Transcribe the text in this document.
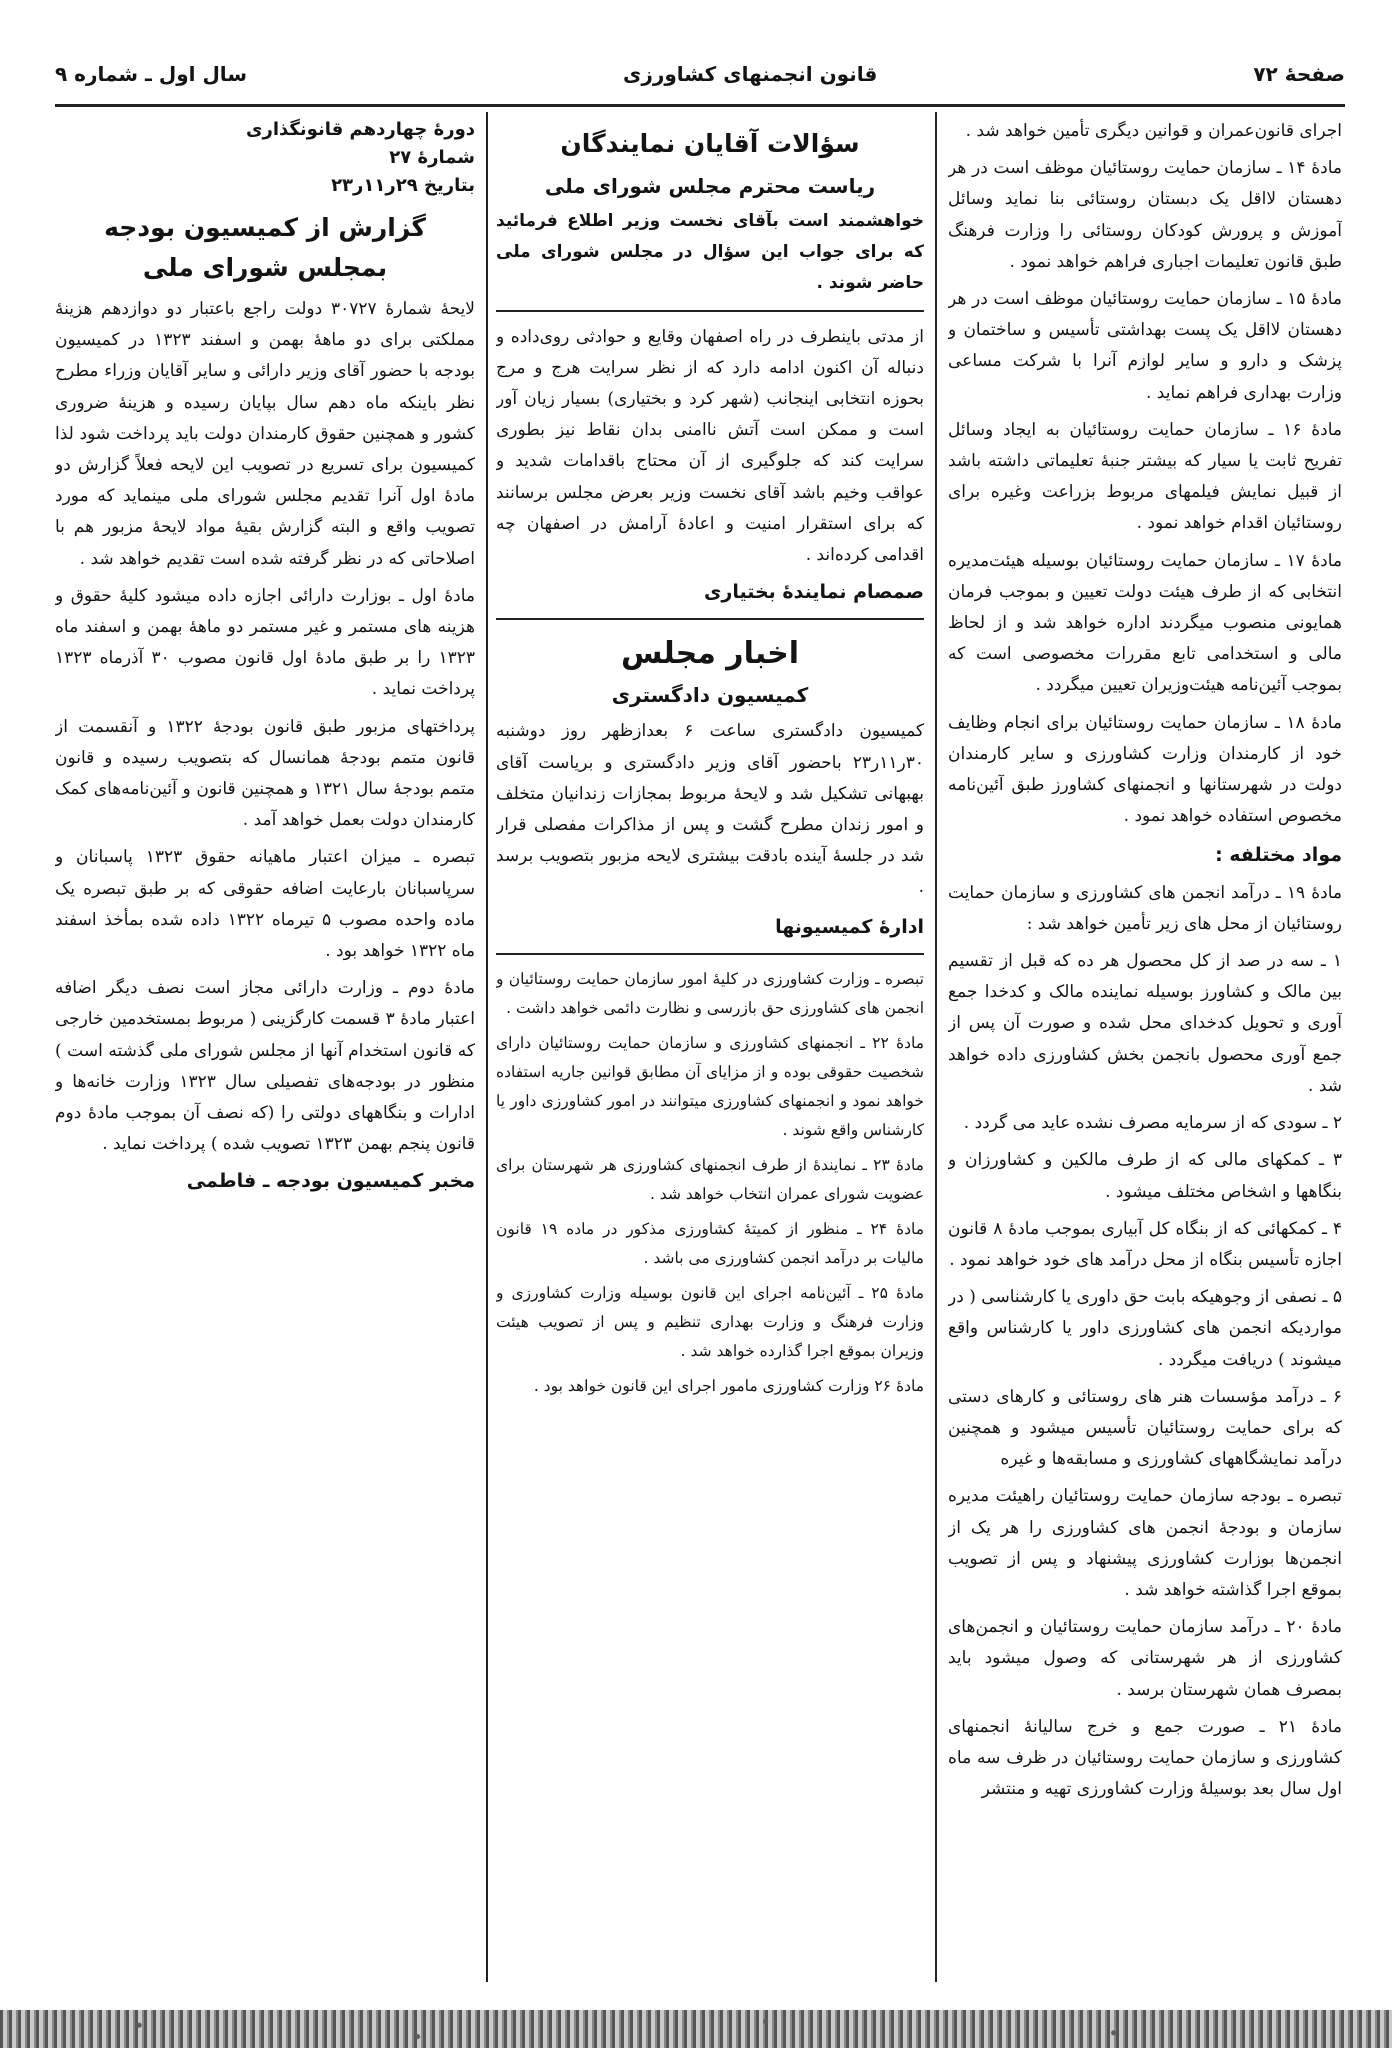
صفحهٔ ۷۲
قانون انجمنهای کشاورزی
سال اول ـ شماره ۹

اجرای قانون‌عمران و قوانین دیگری تأمین خواهد شد .

مادهٔ ۱۴ ـ سازمان حمایت روستائیان موظف است در هر دهستان لااقل یک دبستان روستائی بنا نماید وسائل آموزش و پرورش کودکان روستائی را وزارت فرهنگ طبق قانون تعلیمات اجباری فراهم خواهد نمود .

مادهٔ ۱۵ ـ سازمان حمایت روستائیان موظف است در هر دهستان لااقل یک پست بهداشتی تأسیس و ساختمان و پزشک و دارو و سایر لوازم آنرا با شرکت مساعی وزارت بهداری فراهم نماید .

مادهٔ ۱۶ ـ سازمان حمایت روستائیان به ایجاد وسائل تفریح ثابت یا سیار که بیشتر جنبهٔ تعلیماتی داشته باشد از قبیل نمایش فیلمهای مربوط بزراعت وغیره برای روستائیان اقدام خواهد نمود .

مادهٔ ۱۷ ـ سازمان حمایت روستائیان بوسیله هیئت‌مدیره انتخابی که از طرف هیئت دولت تعیین و بموجب فرمان همایونی منصوب میگردند اداره خواهد شد و از لحاظ مالی و استخدامی تابع مقررات مخصوصی است که بموجب آئین‌نامه هیئت‌وزیران تعیین میگردد .

مادهٔ ۱۸ ـ سازمان حمایت روستائیان برای انجام وظایف خود از کارمندان وزارت کشاورزی و سایر کارمندان دولت در شهرستانها و انجمنهای کشاورز طبق آئین‌نامه مخصوص استفاده خواهد نمود .

مواد مختلفه :

مادهٔ ۱۹ ـ درآمد انجمن های کشاورزی و سازمان حمایت روستائیان از محل های زیر تأمین خواهد شد :

۱ ـ سه در صد از کل محصول هر ده که قبل از تقسیم بین مالک و کشاورز بوسیله نماینده مالک و کدخدا جمع آوری و تحویل کدخدای محل شده و صورت آن پس از جمع آوری محصول بانجمن بخش کشاورزی داده خواهد شد .

۲ ـ سودی که از سرمایه مصرف نشده عاید می گردد .

۳ ـ کمکهای مالی که از طرف مالکین و کشاورزان و بنگاهها و اشخاص مختلف میشود .

۴ ـ کمکهائی که از بنگاه کل آبیاری بموجب مادهٔ ۸ قانون اجازه تأسیس بنگاه از محل درآمد های خود خواهد نمود .

۵ ـ نصفی از وجوهیکه بابت حق داوری یا کارشناسی ( در مواردیکه انجمن های کشاورزی داور یا کارشناس واقع میشوند ) دریافت میگردد .

۶ ـ درآمد مؤسسات‌ هنر های روستائی و کارهای دستی که برای حمایت روستائیان تأسیس میشود و همچنین درآمد نمایشگاههای کشاورزی و مسابقه‌ها و غیره

تبصره ـ بودجه سازمان حمایت روستائیان راهیئت مدیره سازمان و بودجهٔ انجمن های کشاورزی را هر یک از انجمن‌ها بوزارت کشاورزی پیشنهاد و پس از تصویب بموقع اجرا گذاشته خواهد شد .

مادهٔ ۲۰ ـ درآمد سازمان حمایت روستائیان و انجمن‌های کشاورزی از هر شهرستانی که وصول میشود باید بمصرف همان شهرستان برسد .

مادهٔ ۲۱ ـ صورت جمع و خرج سالیانهٔ انجمنهای کشاورزی و سازمان حمایت روستائیان در ظرف سه ماه اول سال بعد بوسیلهٔ وزارت کشاورزی تهیه و منتشر

سؤالات آقایان نمایندگان
ریاست محترم مجلس شورای ملی

خواهشمند است بآقای نخست وزیر اطلاع فرمائید که برای جواب این سؤال در مجلس شورای ملی حاضر شوند .

از مدتی باینطرف در راه اصفهان وقایع و حوادثی روی‌داده و دنباله آن اکنون ادامه دارد که از نظر سرایت هرج و مرج بحوزه انتخابی اینجانب (شهر کرد و بختیاری) بسیار زیان آور است و ممکن است آتش ناامنی بدان نقاط نیز بطوری سرایت کند که جلوگیری از آن محتاج باقدامات شدید و عواقب وخیم باشد آقای نخست وزیر بعرض مجلس برسانند که برای استقرار امنیت و اعادهٔ آرامش در اصفهان چه اقدامی کرده‌اند .

صمصام نمایندهٔ بختیاری

اخبار مجلس
کمیسیون دادگستری

کمیسیون دادگستری ساعت ۶ بعدازظهر روز دوشنبه ۳۰ر۱۱ر۲۳ باحضور آقای وزیر دادگستری و بریاست آقای بهبهانی تشکیل شد و لایحهٔ مربوط بمجازات زندانیان متخلف و امور زندان مطرح گشت و پس از مذاکرات مفصلی قرار شد در جلسهٔ آینده بادقت بیشتری لایحه مزبور بتصویب برسد .

ادارهٔ کمیسیونها

تبصره ـ وزارت کشاورزی در کلیهٔ امور سازمان حمایت روستائیان و انجمن های کشاورزی حق بازرسی و نظارت دائمی خواهد داشت .

مادهٔ ۲۲ ـ انجمنهای کشاورزی و سازمان حمایت روستائیان دارای شخصیت حقوقی بوده و از مزایای آن مطابق قوانین جاریه استفاده خواهد نمود و انجمنهای کشاورزی میتوانند در امور کشاورزی داور یا کارشناس واقع شوند .

مادهٔ ۲۳ ـ نمایندهٔ از طرف انجمنهای کشاورزی هر شهرستان برای عضویت شورای عمران انتخاب خواهد شد .

مادهٔ ۲۴ ـ منظور از کمیتهٔ کشاورزی مذکور در ماده ۱۹ قانون مالیات بر درآمد انجمن کشاورزی می باشد .

مادهٔ ۲۵ ـ آئین‌نامه اجرای این قانون بوسیله وزارت کشاورزی و وزارت فرهنگ و وزارت بهداری تنظیم و پس از تصویب هیئت وزیران بموقع اجرا گذارده خواهد شد .

مادهٔ ۲۶ وزارت کشاورزی مامور اجرای این قانون خواهد بود .

دورهٔ چهاردهم قانونگذاری

شمارهٔ ۲۷

بتاریخ ۲۹ر۱۱ر۲۳

گزارش از کمیسیون بودجه بمجلس شورای ملی

لایحهٔ شمارهٔ ۳۰۷۲۷ دولت راجع باعتبار دو دوازدهم هزینهٔ مملکتی برای دو ماههٔ بهمن و اسفند ۱۳۲۳ در کمیسیون بودجه با حضور آقای وزیر دارائی و سایر آقایان وزراء مطرح نظر باینکه ماه دهم سال بپایان رسیده و هزینهٔ ضروری کشور و همچنین حقوق کارمندان دولت باید پرداخت شود لذا کمیسیون برای تسریع در تصویب این لایحه فعلاً گزارش دو مادهٔ اول آنرا تقدیم مجلس شورای ملی مینماید که مورد تصویب واقع و البته گزارش بقیهٔ مواد لایحهٔ مزبور هم با اصلاحاتی که در نظر گرفته شده است تقدیم خواهد شد .

مادهٔ اول ـ بوزارت دارائی اجازه داده میشود کلیهٔ حقوق و هزینه های مستمر و غیر مستمر دو ماههٔ بهمن و اسفند ماه ۱۳۲۳ را بر طبق مادهٔ اول قانون مصوب ۳۰ آذرماه ۱۳۲۳ پرداخت نماید .

پرداختهای مزبور طبق قانون بودجهٔ ۱۳۲۲ و آنقسمت از قانون متمم بودجهٔ همانسال که بتصویب رسیده و قانون متمم بودجهٔ سال ۱۳۲۱ و همچنین قانون و آئین‌نامه‌های کمک کارمندان دولت بعمل خواهد آمد .

تبصره ـ میزان اعتبار ماهیانه حقوق ۱۳۲۳ پاسبانان و سرپاسبانان بارعایت اضافه حقوقی که بر طبق تبصره یک ماده واحده مصوب ۵ تیرماه ۱۳۲۲ داده شده بمأخذ اسفند ماه ۱۳۲۲ خواهد بود .

مادهٔ دوم ـ وزارت دارائی مجاز است نصف دیگر اضافه اعتبار مادهٔ ۳ قسمت کارگزینی ( مربوط بمستخدمین خارجی که قانون استخدام آنها از مجلس شورای ملی گذشته است ) منظور در بودجه‌های تفصیلی سال ۱۳۲۳ وزارت خانه‌ها و ادارات و بنگاههای دولتی را (که نصف آن بموجب مادهٔ دوم قانون پنجم بهمن ۱۳۲۳ تصویب شده ) پرداخت نماید .

مخبر کمیسیون بودجه ـ فاطمی
